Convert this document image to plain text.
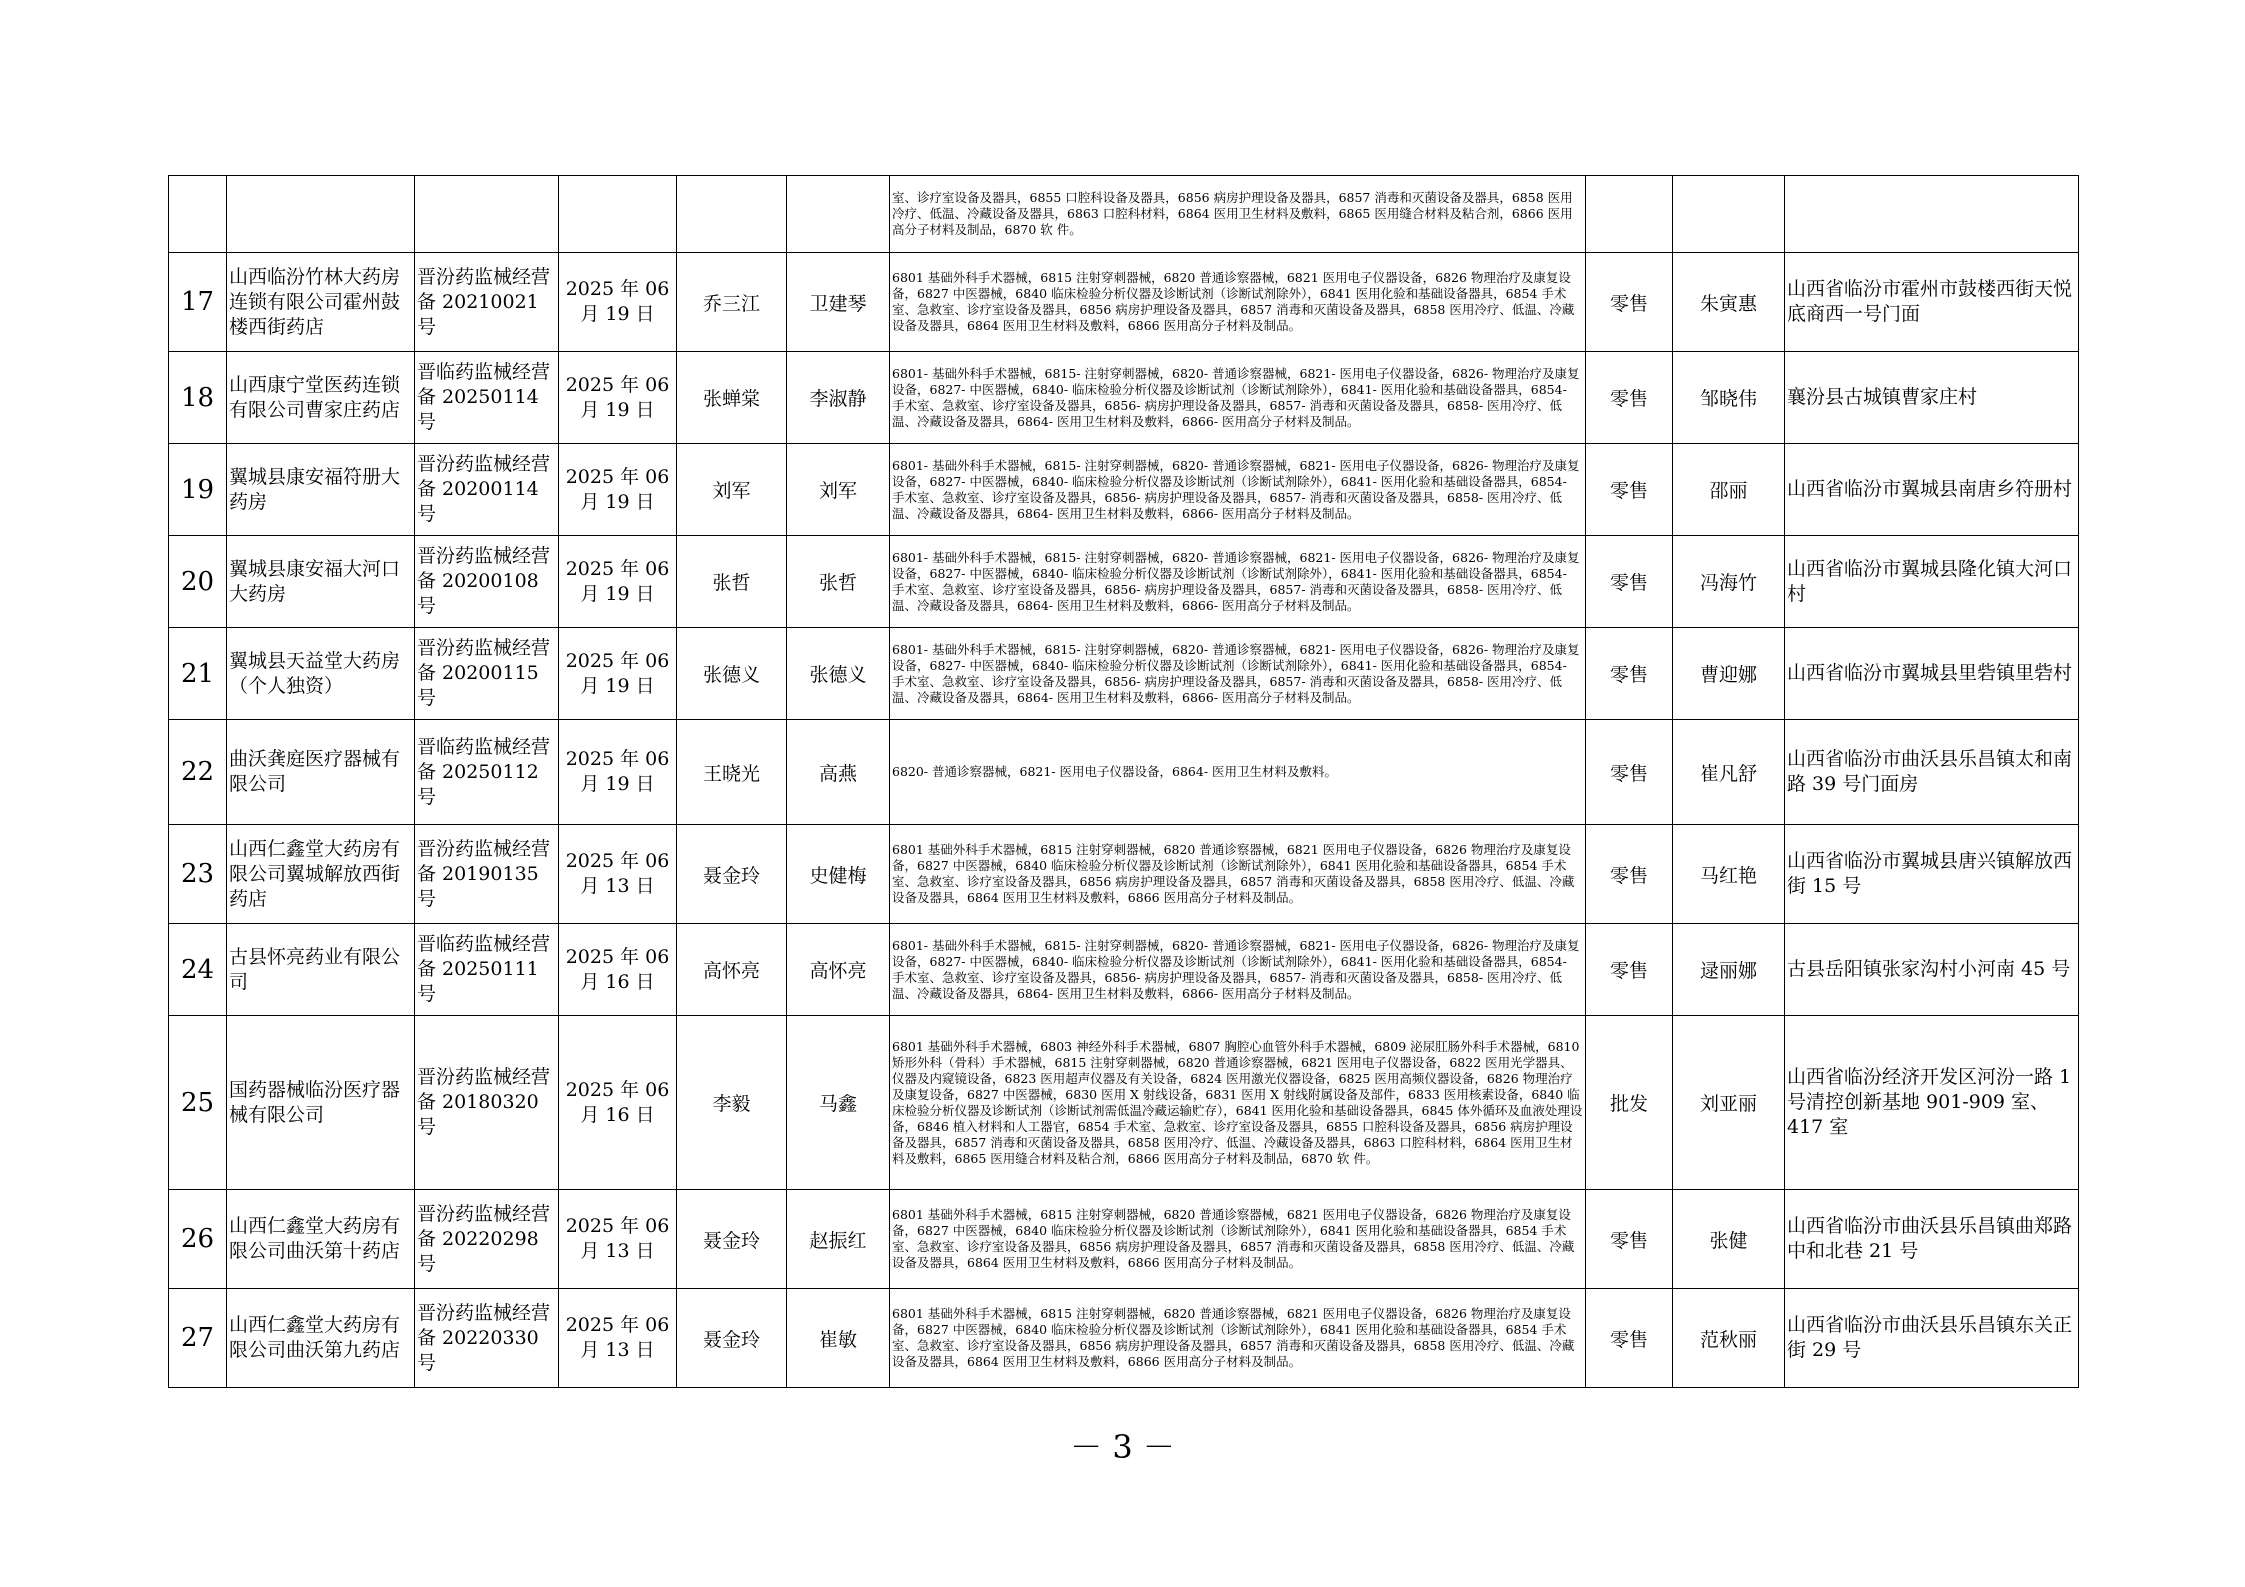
						室、诊疗室设备及器具，6855 口腔科设备及器具，6856 病房护理设备及器具，6857 消毒和灭菌设备及器具，6858 医用冷疗、低温、冷藏设备及器具，6863 口腔科材料，6864 医用卫生材料及敷料，6865 医用缝合材料及粘合剂，6866 医用高分子材料及制品，6870 软 件。			
17	山西临汾竹林大药房连锁有限公司霍州鼓楼西街药店	晋汾药监械经营备 20210021 号	2025 年 06 月 19 日	乔三江	卫建琴	6801 基础外科手术器械，6815 注射穿刺器械，6820 普通诊察器械，6821 医用电子仪器设备，6826 物理治疗及康复设备，6827 中医器械，6840 临床检验分析仪器及诊断试剂（诊断试剂除外），6841 医用化验和基础设备器具，6854 手术室、急救室、诊疗室设备及器具，6856 病房护理设备及器具，6857 消毒和灭菌设备及器具，6858 医用冷疗、低温、冷藏设备及器具，6864 医用卫生材料及敷料，6866 医用高分子材料及制品。	零售	朱寅惠	山西省临汾市霍州市鼓楼西街天悦底商西一号门面
18	山西康宁堂医药连锁有限公司曹家庄药店	晋临药监械经营备 20250114 号	2025 年 06 月 19 日	张蝉棠	李淑静	6801- 基础外科手术器械，6815- 注射穿刺器械，6820- 普通诊察器械，6821- 医用电子仪器设备，6826- 物理治疗及康复设备，6827- 中医器械，6840- 临床检验分析仪器及诊断试剂（诊断试剂除外），6841- 医用化验和基础设备器具，6854- 手术室、急救室、诊疗室设备及器具，6856- 病房护理设备及器具，6857- 消毒和灭菌设备及器具，6858- 医用冷疗、低温、冷藏设备及器具，6864- 医用卫生材料及敷料，6866- 医用高分子材料及制品。	零售	邹晓伟	襄汾县古城镇曹家庄村
19	翼城县康安福符册大药房	晋汾药监械经营备 20200114 号	2025 年 06 月 19 日	刘军	刘军	6801- 基础外科手术器械，6815- 注射穿刺器械，6820- 普通诊察器械，6821- 医用电子仪器设备，6826- 物理治疗及康复设备，6827- 中医器械，6840- 临床检验分析仪器及诊断试剂（诊断试剂除外），6841- 医用化验和基础设备器具，6854- 手术室、急救室、诊疗室设备及器具，6856- 病房护理设备及器具，6857- 消毒和灭菌设备及器具，6858- 医用冷疗、低温、冷藏设备及器具，6864- 医用卫生材料及敷料，6866- 医用高分子材料及制品。	零售	邵丽	山西省临汾市翼城县南唐乡符册村
20	翼城县康安福大河口大药房	晋汾药监械经营备 20200108 号	2025 年 06 月 19 日	张哲	张哲	6801- 基础外科手术器械，6815- 注射穿刺器械，6820- 普通诊察器械，6821- 医用电子仪器设备，6826- 物理治疗及康复设备，6827- 中医器械，6840- 临床检验分析仪器及诊断试剂（诊断试剂除外），6841- 医用化验和基础设备器具，6854- 手术室、急救室、诊疗室设备及器具，6856- 病房护理设备及器具，6857- 消毒和灭菌设备及器具，6858- 医用冷疗、低温、冷藏设备及器具，6864- 医用卫生材料及敷料，6866- 医用高分子材料及制品。	零售	冯海竹	山西省临汾市翼城县隆化镇大河口村
21	翼城县天益堂大药房（个人独资）	晋汾药监械经营备 20200115 号	2025 年 06 月 19 日	张德义	张德义	6801- 基础外科手术器械，6815- 注射穿刺器械，6820- 普通诊察器械，6821- 医用电子仪器设备，6826- 物理治疗及康复设备，6827- 中医器械，6840- 临床检验分析仪器及诊断试剂（诊断试剂除外），6841- 医用化验和基础设备器具，6854- 手术室、急救室、诊疗室设备及器具，6856- 病房护理设备及器具，6857- 消毒和灭菌设备及器具，6858- 医用冷疗、低温、冷藏设备及器具，6864- 医用卫生材料及敷料，6866- 医用高分子材料及制品。	零售	曹迎娜	山西省临汾市翼城县里砦镇里砦村
22	曲沃龚庭医疗器械有限公司	晋临药监械经营备 20250112 号	2025 年 06 月 19 日	王晓光	高燕	6820- 普通诊察器械，6821- 医用电子仪器设备，6864- 医用卫生材料及敷料。	零售	崔凡舒	山西省临汾市曲沃县乐昌镇太和南路 39 号门面房
23	山西仁鑫堂大药房有限公司翼城解放西街药店	晋汾药监械经营备 20190135 号	2025 年 06 月 13 日	聂金玲	史健梅	6801 基础外科手术器械，6815 注射穿刺器械，6820 普通诊察器械，6821 医用电子仪器设备，6826 物理治疗及康复设备，6827 中医器械，6840 临床检验分析仪器及诊断试剂（诊断试剂除外），6841 医用化验和基础设备器具，6854 手术室、急救室、诊疗室设备及器具，6856 病房护理设备及器具，6857 消毒和灭菌设备及器具，6858 医用冷疗、低温、冷藏设备及器具，6864 医用卫生材料及敷料，6866 医用高分子材料及制品。	零售	马红艳	山西省临汾市翼城县唐兴镇解放西街 15 号
24	古县怀亮药业有限公司	晋临药监械经营备 20250111 号	2025 年 06 月 16 日	高怀亮	高怀亮	6801- 基础外科手术器械，6815- 注射穿刺器械，6820- 普通诊察器械，6821- 医用电子仪器设备，6826- 物理治疗及康复设备，6827- 中医器械，6840- 临床检验分析仪器及诊断试剂（诊断试剂除外），6841- 医用化验和基础设备器具，6854- 手术室、急救室、诊疗室设备及器具，6856- 病房护理设备及器具，6857- 消毒和灭菌设备及器具，6858- 医用冷疗、低温、冷藏设备及器具，6864- 医用卫生材料及敷料，6866- 医用高分子材料及制品。	零售	逯丽娜	古县岳阳镇张家沟村小河南 45 号
25	国药器械临汾医疗器械有限公司	晋汾药监械经营备 20180320 号	2025 年 06 月 16 日	李毅	马鑫	6801 基础外科手术器械，6803 神经外科手术器械，6807 胸腔心血管外科手术器械，6809 泌尿肛肠外科手术器械，6810 矫形外科（骨科）手术器械，6815 注射穿刺器械，6820 普通诊察器械，6821 医用电子仪器设备，6822 医用光学器具、仪器及内窥镜设备，6823 医用超声仪器及有关设备，6824 医用激光仪器设备，6825 医用高频仪器设备，6826 物理治疗及康复设备，6827 中医器械，6830 医用 X 射线设备，6831 医用 X 射线附属设备及部件，6833 医用核素设备，6840 临床检验分析仪器及诊断试剂（诊断试剂需低温冷藏运输贮存），6841 医用化验和基础设备器具，6845 体外循环及血液处理设备，6846 植入材料和人工器官，6854 手术室、急救室、诊疗室设备及器具，6855 口腔科设备及器具，6856 病房护理设备及器具，6857 消毒和灭菌设备及器具，6858 医用冷疗、低温、冷藏设备及器具，6863 口腔科材料，6864 医用卫生材料及敷料，6865 医用缝合材料及粘合剂，6866 医用高分子材料及制品，6870 软 件。	批发	刘亚丽	山西省临汾经济开发区河汾一路 1 号清控创新基地 901-909 室、417 室
26	山西仁鑫堂大药房有限公司曲沃第十药店	晋汾药监械经营备 20220298 号	2025 年 06 月 13 日	聂金玲	赵振红	6801 基础外科手术器械，6815 注射穿刺器械，6820 普通诊察器械，6821 医用电子仪器设备，6826 物理治疗及康复设备，6827 中医器械，6840 临床检验分析仪器及诊断试剂（诊断试剂除外），6841 医用化验和基础设备器具，6854 手术室、急救室、诊疗室设备及器具，6856 病房护理设备及器具，6857 消毒和灭菌设备及器具，6858 医用冷疗、低温、冷藏设备及器具，6864 医用卫生材料及敷料，6866 医用高分子材料及制品。	零售	张健	山西省临汾市曲沃县乐昌镇曲郑路中和北巷 21 号
27	山西仁鑫堂大药房有限公司曲沃第九药店	晋汾药监械经营备 20220330 号	2025 年 06 月 13 日	聂金玲	崔敏	6801 基础外科手术器械，6815 注射穿刺器械，6820 普通诊察器械，6821 医用电子仪器设备，6826 物理治疗及康复设备，6827 中医器械，6840 临床检验分析仪器及诊断试剂（诊断试剂除外），6841 医用化验和基础设备器具，6854 手术室、急救室、诊疗室设备及器具，6856 病房护理设备及器具，6857 消毒和灭菌设备及器具，6858 医用冷疗、低温、冷藏设备及器具，6864 医用卫生材料及敷料，6866 医用高分子材料及制品。	零售	范秋丽	山西省临汾市曲沃县乐昌镇东关正街 29 号
－ 3 －
